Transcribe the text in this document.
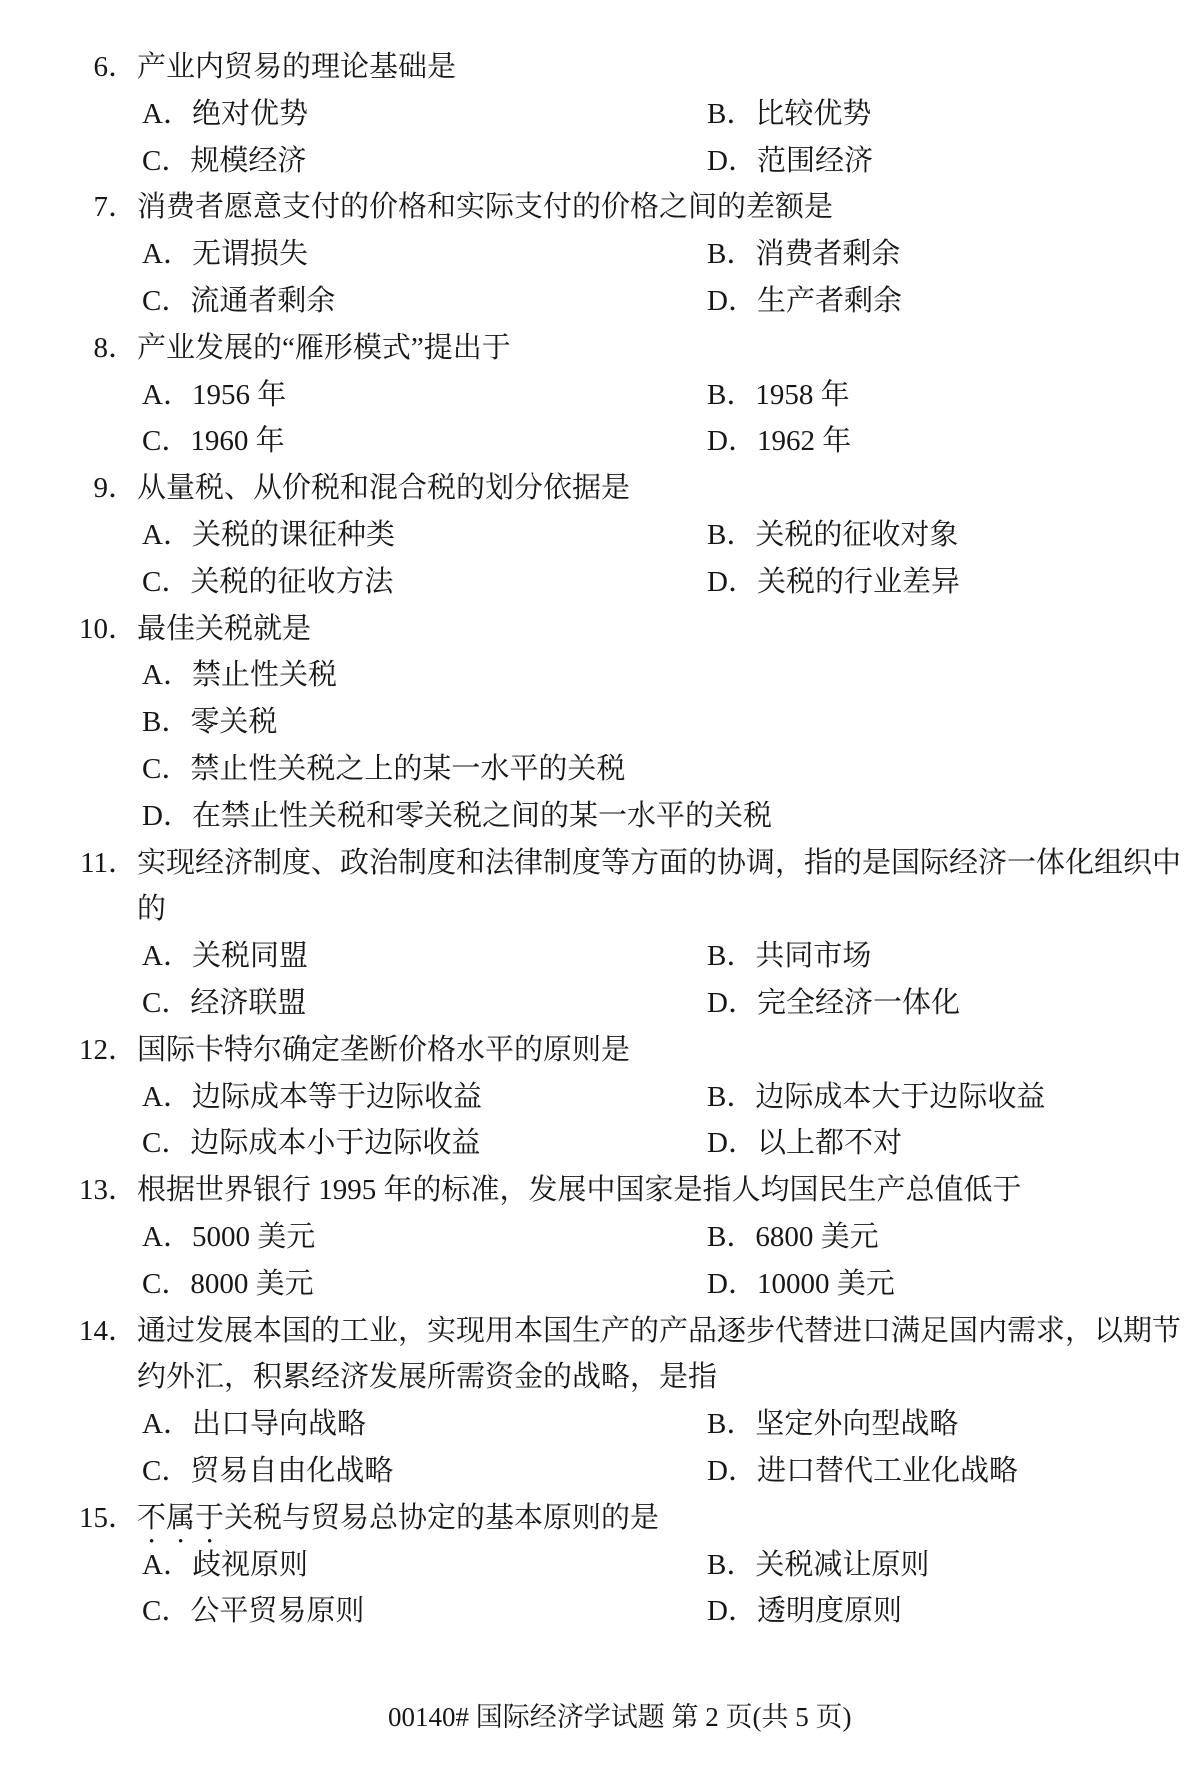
6． 产业内贸易的理论基础是
A．绝对优势	B．比较优势
C．规模经济	D．范围经济
7． 消费者愿意支付的价格和实际支付的价格之间的差额是
A．无谓损失	B．消费者剩余
C．流通者剩余	D．生产者剩余
8． 产业发展的“雁形模式”提出于
A．1956 年	B．1958 年
C．1960 年	D．1962 年
9． 从量税、从价税和混合税的划分依据是
A．关税的课征种类	B．关税的征收对象
C．关税的征收方法	D．关税的行业差异
10． 最佳关税就是
A．禁止性关税
B．零关税
C．禁止性关税之上的某一水平的关税
D．在禁止性关税和零关税之间的某一水平的关税
11． 实现经济制度、政治制度和法律制度等方面的协调，指的是国际经济一体化组织中
的
A．关税同盟	B．共同市场
C．经济联盟	D．完全经济一体化
12． 国际卡特尔确定垄断价格水平的原则是
A．边际成本等于边际收益	B．边际成本大于边际收益
C．边际成本小于边际收益	D．以上都不对
13． 根据世界银行 1995 年的标准，发展中国家是指人均国民生产总值低于
A．5000 美元	B．6800 美元
C．8000 美元	D．10000 美元
14． 通过发展本国的工业，实现用本国生产的产品逐步代替进口满足国内需求，以期节
约外汇，积累经济发展所需资金的战略，是指
A．出口导向战略	B．坚定外向型战略
C．贸易自由化战略	D．进口替代工业化战略
15． 不属于关税与贸易总协定的基本原则的是
A．歧视原则	B．关税减让原则
C．公平贸易原则	D．透明度原则
00140# 国际经济学试题 第 2 页(共 5 页)
